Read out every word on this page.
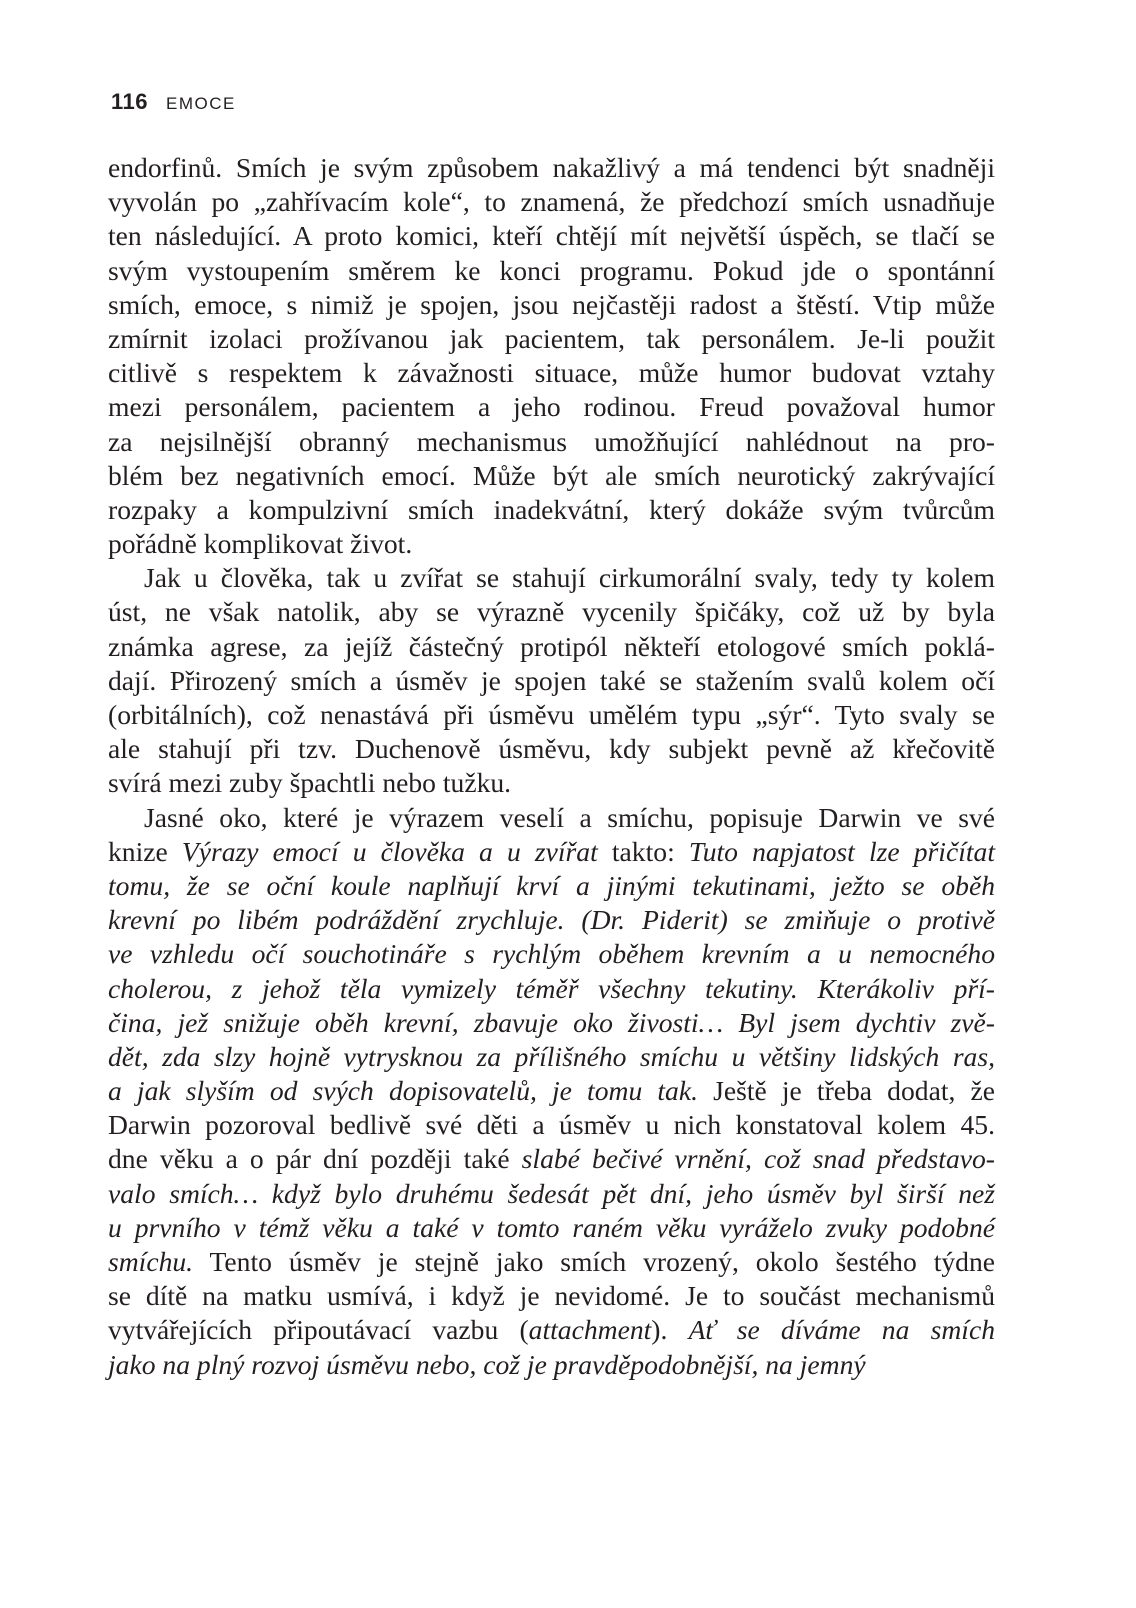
116 EMOCE
endorfinů. Smích je svým způsobem nakažlivý a má tendenci být snadněji
vyvolán po „zahřívacím kole“, to znamená, že předchozí smích usnadňuje
ten následující. A proto komici, kteří chtějí mít největší úspěch, se tlačí se
svým vystoupením směrem ke konci programu. Pokud jde o spontánní
smích, emoce, s nimiž je spojen, jsou nejčastěji radost a štěstí. Vtip může
zmírnit izolaci prožívanou jak pacientem, tak personálem. Je-li použit
citlivě s respektem k závažnosti situace, může humor budovat vztahy
mezi personálem, pacientem a jeho rodinou. Freud považoval humor
za nejsilnější obranný mechanismus umožňující nahlédnout na pro-
blém bez negativních emocí. Může být ale smích neurotický zakrývající
rozpaky a kompulzivní smích inadekvátní, který dokáže svým tvůrcům
pořádně komplikovat život.
Jak u člověka, tak u zvířat se stahují cirkumorální svaly, tedy ty kolem
úst, ne však natolik, aby se výrazně vycenily špičáky, což už by byla
známka agrese, za jejíž částečný protipól někteří etologové smích poklá-
dají. Přirozený smích a úsměv je spojen také se stažením svalů kolem očí
(orbitálních), což nenastává při úsměvu umělém typu „sýr“. Tyto svaly se
ale stahují při tzv. Duchenově úsměvu, kdy subjekt pevně až křečovitě
svírá mezi zuby špachtli nebo tužku.
Jasné oko, které je výrazem veselí a smíchu, popisuje Darwin ve své
knize Výrazy emocí u člověka a u zvířat takto: Tuto napjatost lze přičítat
tomu, že se oční koule naplňují krví a jinými tekutinami, ježto se oběh
krevní po libém podráždění zrychluje. (Dr. Piderit) se zmiňuje o protivě
ve vzhledu očí souchotináře s rychlým oběhem krevním a u nemocného
cholerou, z jehož těla vymizely téměř všechny tekutiny. Kterákoliv pří-
čina, jež snižuje oběh krevní, zbavuje oko živosti… Byl jsem dychtiv zvě-
dět, zda slzy hojně vytrysknou za přílišného smíchu u většiny lidských ras,
a jak slyším od svých dopisovatelů, je tomu tak. Ještě je třeba dodat, že
Darwin pozoroval bedlivě své děti a úsměv u nich konstatoval kolem 45.
dne věku a o pár dní později také slabé bečivé vrnění, což snad představo-
valo smích… když bylo druhému šedesát pět dní, jeho úsměv byl širší než
u prvního v témž věku a také v tomto raném věku vyráželo zvuky podobné
smíchu. Tento úsměv je stejně jako smích vrozený, okolo šestého týdne
se dítě na matku usmívá, i když je nevidomé. Je to součást mechanismů
vytvářejících připoutávací vazbu (attachment). Ať se díváme na smích
jako na plný rozvoj úsměvu nebo, což je pravděpodobnější, na jemný
